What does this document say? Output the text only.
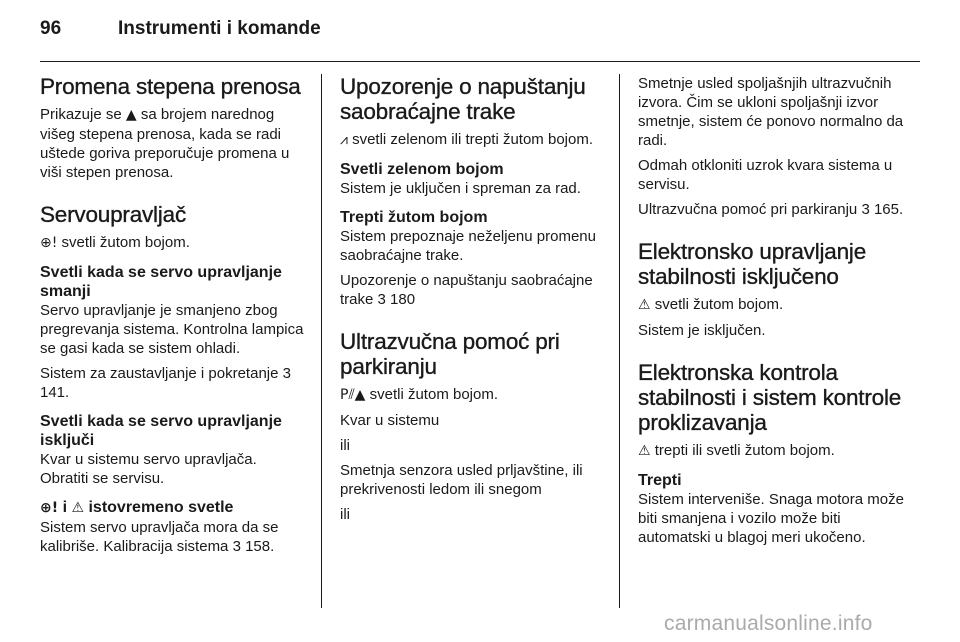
96	Instrumenti i komande
Promena stepena prenosa

Prikazuje se ▲ sa brojem narednog višeg stepena prenosa, kada se radi uštede goriva preporučuje promena u viši stepen prenosa.

Servoupravljač

⊕! svetli žutom bojom.

Svetli kada se servo upravljanje smanji

Servo upravljanje je smanjeno zbog pregrevanja sistema. Kontrolna lampica se gasi kada se sistem ohladi.

Sistem za zaustavljanje i pokretanje 3 141.

Svetli kada se servo upravljanje isključi

Kvar u sistemu servo upravljača. Obratiti se servisu.

⊕! i ⚠ istovremeno svetle

Sistem servo upravljača mora da se kalibriše. Kalibracija sistema 3 158.

Upozorenje o napuštanju saobraćajne trake

⩘ svetli zelenom ili trepti žutom bojom.

Svetli zelenom bojom

Sistem je uključen i spreman za rad.

Trepti žutom bojom

Sistem prepoznaje neželjenu promenu saobraćajne trake.

Upozorenje o napuštanju saobraćajne trake 3 180

Ultrazvučna pomoć pri parkiranju

P⫽▲ svetli žutom bojom.

Kvar u sistemu

ili

Smetnja senzora usled prljavštine, ili prekrivenosti ledom ili snegom

ili

Smetnje usled spoljašnjih ultrazvučnih izvora. Čim se ukloni spoljašnji izvor smetnje, sistem će ponovo normalno da radi.

Odmah otkloniti uzrok kvara sistema u servisu.

Ultrazvučna pomoć pri parkiranju 3 165.

Elektronsko upravljanje stabilnosti isključeno

⚠ svetli žutom bojom.

Sistem je isključen.

Elektronska kontrola stabilnosti i sistem kontrole proklizavanja

⚠ trepti ili svetli žutom bojom.

Trepti

Sistem interveniše. Snaga motora može biti smanjena i vozilo može biti automatski u blagoj meri ukočeno.

carmanualsonline.info
